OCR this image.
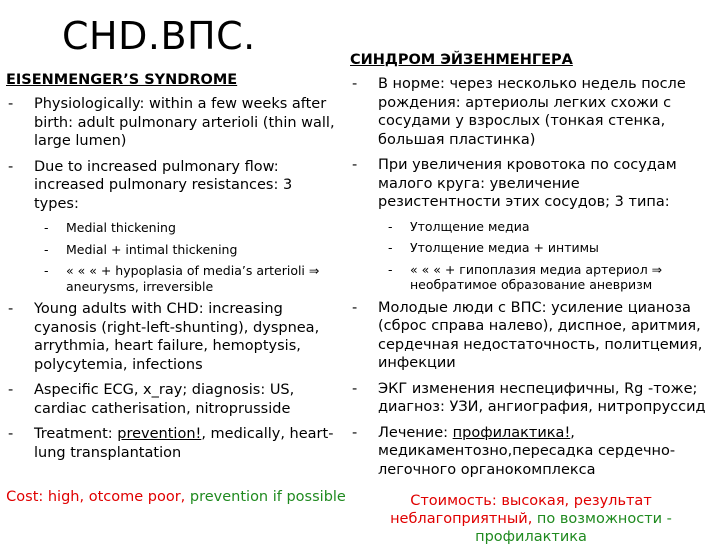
CHD.ВПС.
EISENMENGER’S SYNDROME
- Physiologically: within a few weeks after birth: adult pulmonary arterioli (thin wall, large lumen)
- Due to increased pulmonary flow: increased pulmonary resistances: 3 types:
- Medial thickening
- Medial + intimal thickening
- « « « + hypoplasia of media’s arterioli ⇒ aneurysms, irreversible
- Young adults with CHD: increasing cyanosis (right-left-shunting), dyspnea, arrythmia, heart failure, hemoptysis, polycytemia, infections
- Aspecific ECG, x_ray; diagnosis: US, cardiac catherisation, nitroprusside
- Treatment: prevention!, medically, heart-lung transplantation
Cost: high, otcome poor, prevention if possible
СИНДРОМ ЭЙЗЕНМЕНГЕРА
- В норме: через несколько недель после рождения: артериолы легких схожи с сосудами у взрослых (тонкая стенка, большая пластинка)
- При увеличения кровотока по сосудам малого круга: увеличение резистентности этих сосудов; 3 типа:
- Утолщение медиа
- Утолщение медиа + интимы
- « « « + гипоплазия медиа артериол ⇒ необратимое образование аневризм
- Молодые люди с ВПС: усиление цианоза (сброс справа налево), диспное, аритмия, сердечная недостаточность, политцемия, инфекции
- ЭКГ изменения неспецифичны, Rg -тоже; диагноз: УЗИ, ангиография, нитропруссид
- Лечение: профилактика!, медикаментозно,пересадка сердечно-легочного органокомплекса
Стоимость: высокая, результат неблагоприятный, по возможности - профилактика
